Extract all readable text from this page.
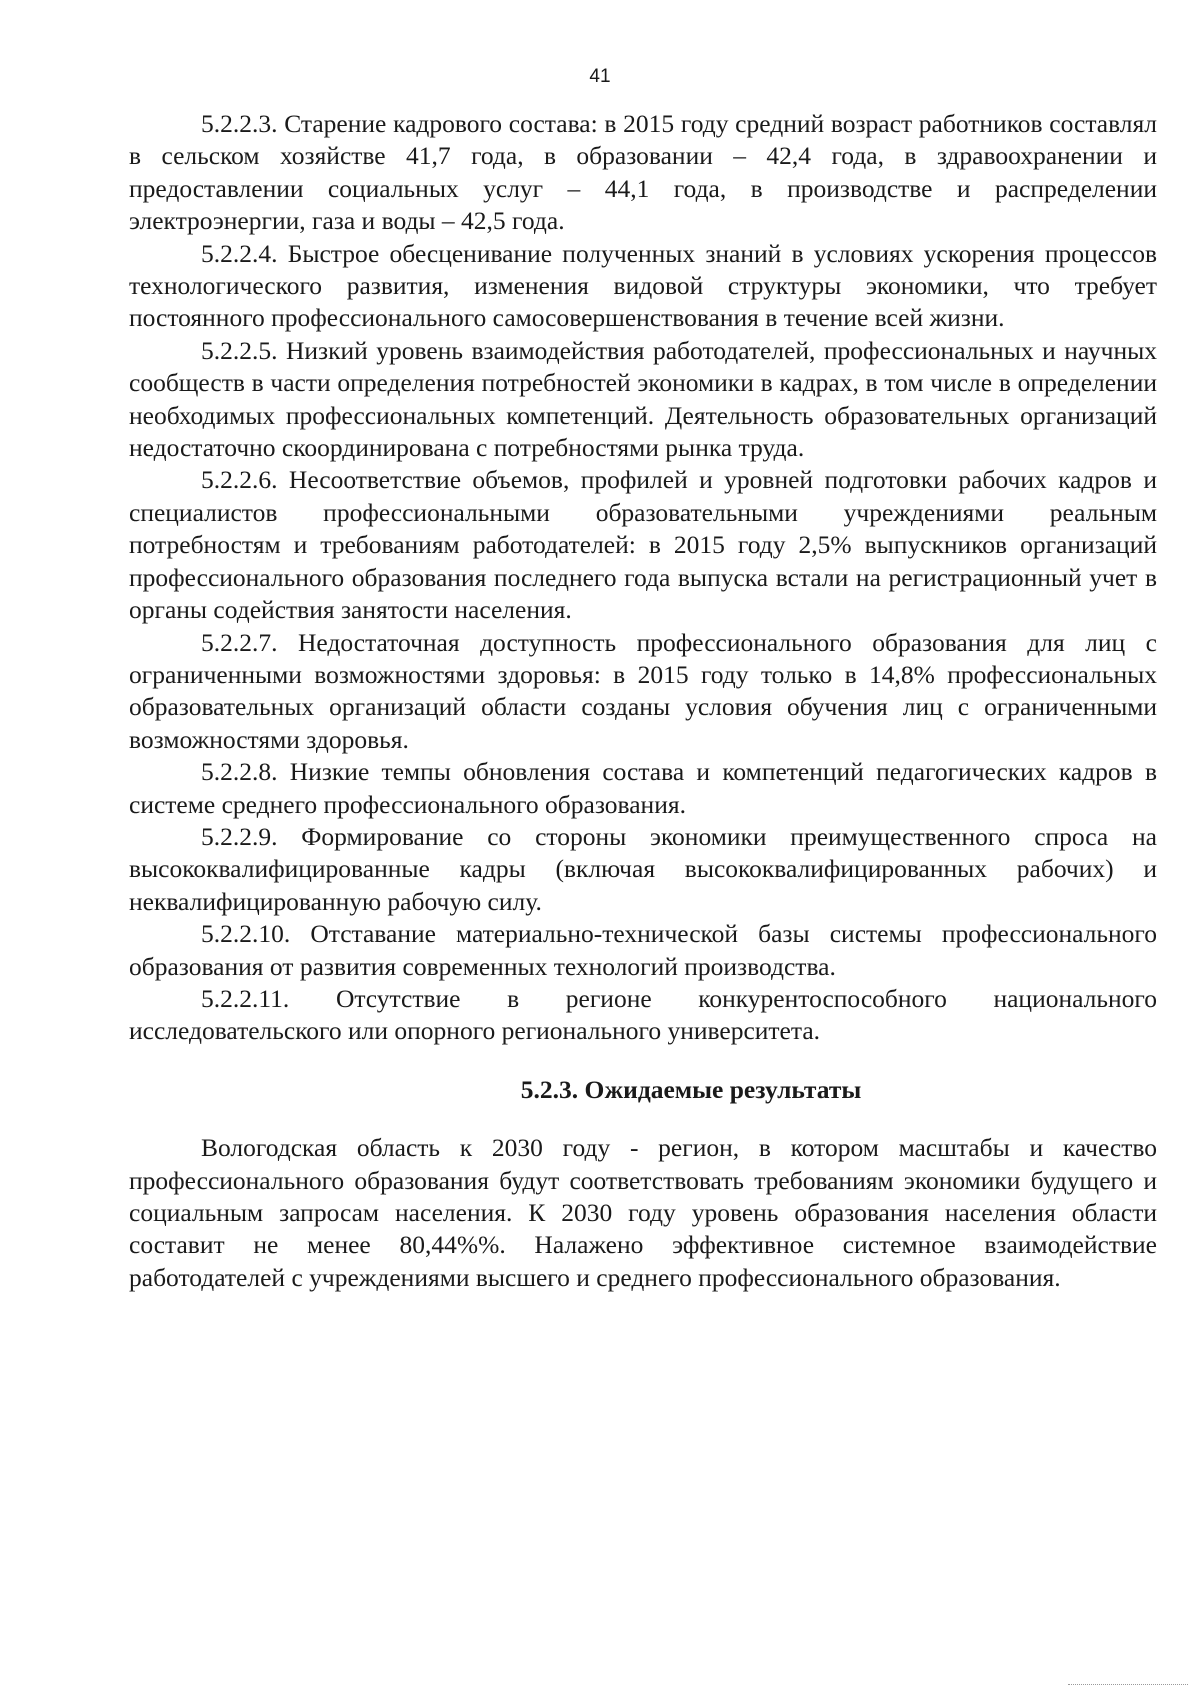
41

5.2.2.3. Старение кадрового состава: в 2015 году средний возраст работников составлял в сельском хозяйстве 41,7 года, в образовании – 42,4 года, в здравоохранении и предоставлении социальных услуг – 44,1 года, в производстве и распределении электроэнергии, газа и воды – 42,5 года.

5.2.2.4. Быстрое обесценивание полученных знаний в условиях ускорения процессов технологического развития, изменения видовой структуры экономики, что требует постоянного профессионального самосовершенствования в течение всей жизни.

5.2.2.5. Низкий уровень взаимодействия работодателей, профессиональных и научных сообществ в части определения потребностей экономики в кадрах, в том числе в определении необходимых профессиональных компетенций. Деятельность образовательных организаций недостаточно скоординирована с потребностями рынка труда.

5.2.2.6. Несоответствие объемов, профилей и уровней подготовки рабочих кадров и специалистов профессиональными образовательными учреждениями реальным потребностям и требованиям работодателей: в 2015 году 2,5% выпускников организаций профессионального образования последнего года выпуска встали на регистрационный учет в органы содействия занятости населения.

5.2.2.7. Недостаточная доступность профессионального образования для лиц с ограниченными возможностями здоровья: в 2015 году только в 14,8% профессиональных образовательных организаций области созданы условия обучения лиц с ограниченными возможностями здоровья.

5.2.2.8. Низкие темпы обновления состава и компетенций педагогических кадров в системе среднего профессионального образования.

5.2.2.9. Формирование со стороны экономики преимущественного спроса на высококвалифицированные кадры (включая высококвалифицированных рабочих) и неквалифицированную рабочую силу.

5.2.2.10. Отставание материально-технической базы системы профессионального образования от развития современных технологий производства.

5.2.2.11. Отсутствие в регионе конкурентоспособного национального исследовательского или опорного регионального университета.

5.2.3. Ожидаемые результаты

Вологодская область к 2030 году - регион, в котором масштабы и качество профессионального образования будут соответствовать требованиям экономики будущего и социальным запросам населения. К 2030 году уровень образования населения области составит не менее 80,44%%. Налажено эффективное системное взаимодействие работодателей с учреждениями высшего и среднего профессионального образования.
